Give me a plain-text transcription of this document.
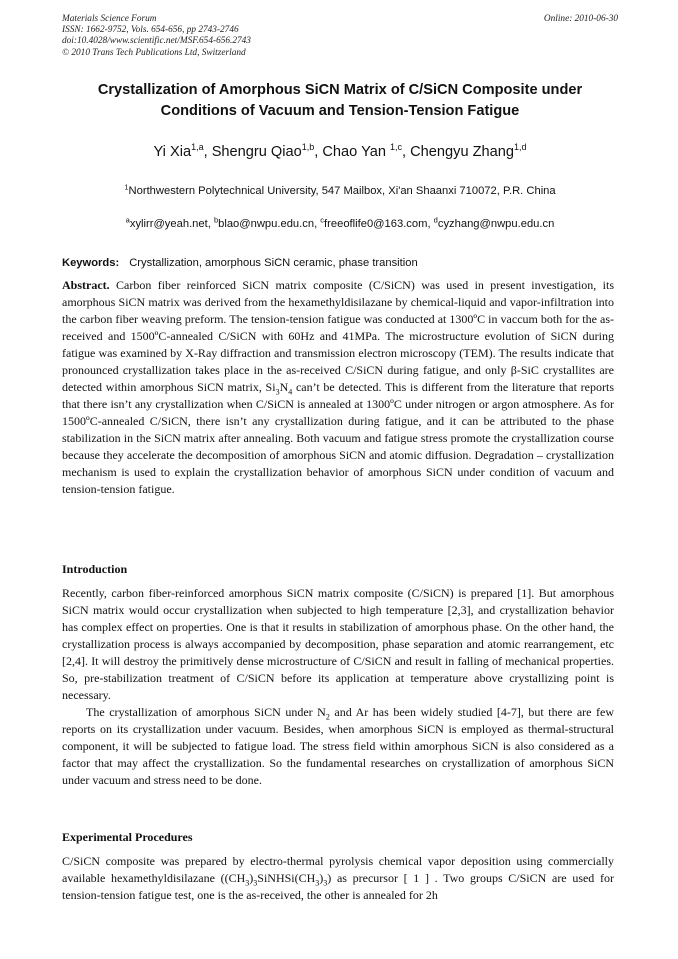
Materials Science Forum
ISSN: 1662-9752, Vols. 654-656, pp 2743-2746
doi:10.4028/www.scientific.net/MSF.654-656.2743
© 2010 Trans Tech Publications Ltd, Switzerland
Online: 2010-06-30
Crystallization of Amorphous SiCN Matrix of C/SiCN Composite under
Conditions of Vacuum and Tension-Tension Fatigue
Yi Xia$^{1,a}$, Shengru Qiao$^{1,b}$, Chao Yan $^{1,c}$, Chengyu Zhang$^{1,d}$
$^1$Northwestern Polytechnical University, 547 Mailbox, Xi'an Shaanxi 710072, P.R. China
$^a$xylirr@yeah.net, $^b$blao@nwpu.edu.cn, $^c$freeoflife0@163.com, $^d$cyzhang@nwpu.edu.cn
Keywords: Crystallization, amorphous SiCN ceramic, phase transition
Abstract. Carbon fiber reinforced SiCN matrix composite (C/SiCN) was used in present investigation, its amorphous SiCN matrix was derived from the hexamethyldisilazane by chemical-liquid and vapor-infiltration into the carbon fiber weaving preform. The tension-tension fatigue was conducted at 1300ºC in vaccum both for the as-received and 1500ºC-annealed C/SiCN with 60Hz and 41MPa. The microstructure evolution of SiCN during fatigue was examined by X-Ray diffraction and transmission electron microscopy (TEM). The results indicate that pronounced crystallization takes place in the as-received C/SiCN during fatigue, and only β-SiC crystallites are detected within amorphous SiCN matrix, $Si_3N_4$ can’t be detected. This is different from the literature that reports that there isn’t any crystallization when C/SiCN is annealed at 1300ºC under nitrogen or argon atmosphere. As for 1500ºC-annealed C/SiCN, there isn’t any crystallization during fatigue, and it can be attributed to the phase stabilization in the SiCN matrix after annealing. Both vacuum and fatigue stress promote the crystallization course because they accelerate the decomposition of amorphous SiCN and atomic diffusion. Degradation – crystallization mechanism is used to explain the crystallization behavior of amorphous SiCN under condition of vacuum and tension-tension fatigue.
Introduction

Recently, carbon fiber-reinforced amorphous SiCN matrix composite (C/SiCN) is prepared [1]. But amorphous SiCN matrix would occur crystallization when subjected to high temperature [2,3], and crystallization behavior has complex effect on properties. One is that it results in stabilization of amorphous phase. On the other hand, the crystallization process is always accompanied by decomposition, phase separation and atomic rearrangement, etc [2,4]. It will destroy the primitively dense microstructure of C/SiCN and result in falling of mechanical properties. So, pre-stabilization treatment of C/SiCN before its application at temperature above crystallizing point is necessary.

The crystallization of amorphous SiCN under $N_2$ and Ar has been widely studied [4-7], but there are few reports on its crystallization under vacuum. Besides, when amorphous SiCN is employed as thermal-structural component, it will be subjected to fatigue load. The stress field within amorphous SiCN is also considered as a factor that may affect the crystallization. So the fundamental researches on crystallization of amorphous SiCN under vacuum and stress need to be done.

Experimental Procedures

C/SiCN composite was prepared by electro-thermal pyrolysis chemical vapor deposition using commercially available hexamethyldisilazane $((CH_3)_3SiNHSi(CH_3)_3)$ as precursor [ 1 ] . Two groups C/SiCN are used for tension-tension fatigue test, one is the as-received, the other is annealed for 2h
